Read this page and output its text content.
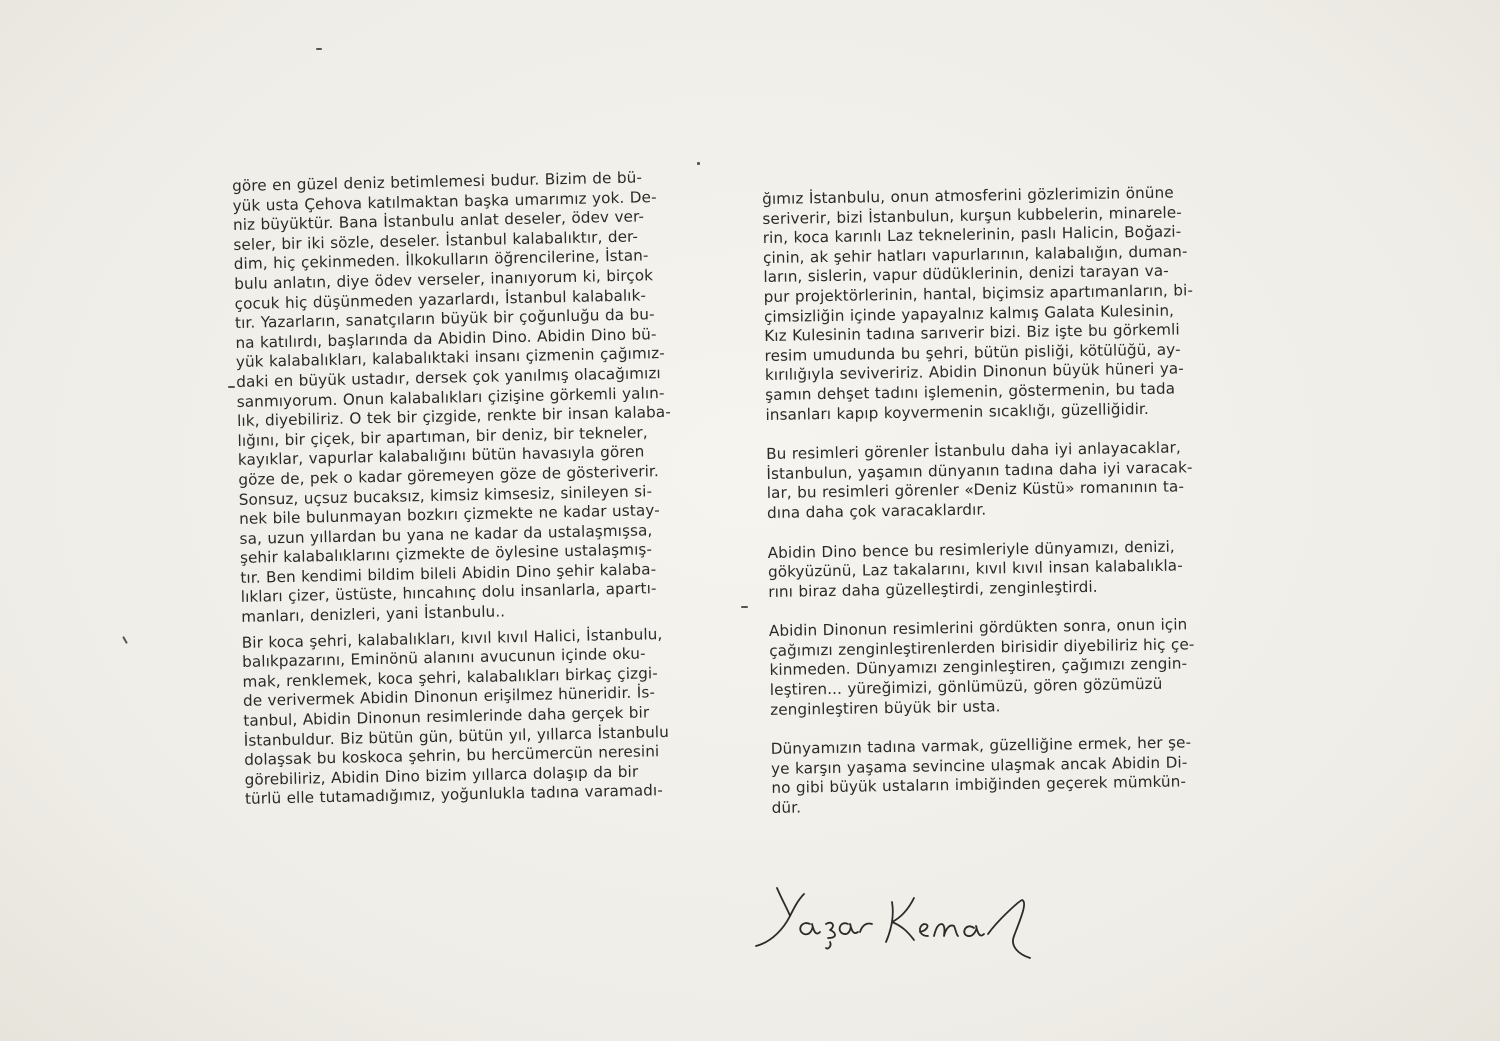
göre en güzel deniz betimlemesi budur. Bizim de bü-
yük usta Çehova katılmaktan başka umarımız yok. De-
niz büyüktür. Bana İstanbulu anlat deseler, ödev ver-
seler, bir iki sözle, deseler. İstanbul kalabalıktır, der-
dim, hiç çekinmeden. İlkokulların öğrencilerine, İstan-
bulu anlatın, diye ödev verseler, inanıyorum ki, birçok
çocuk hiç düşünmeden yazarlardı, İstanbul kalabalık-
tır. Yazarların, sanatçıların büyük bir çoğunluğu da bu-
na katılırdı, başlarında da Abidin Dino. Abidin Dino bü-
yük kalabalıkları, kalabalıktaki insanı çizmenin çağımız-
daki en büyük ustadır, dersek çok yanılmış olacağımızı
sanmıyorum. Onun kalabalıkları çizişine görkemli yalın-
lık, diyebiliriz. O tek bir çizgide, renkte bir insan kalaba-
lığını, bir çiçek, bir apartıman, bir deniz, bir tekneler,
kayıklar, vapurlar kalabalığını bütün havasıyla gören
göze de, pek o kadar göremeyen göze de gösteriverir.
Sonsuz, uçsuz bucaksız, kimsiz kimsesiz, sinileyen si-
nek bile bulunmayan bozkırı çizmekte ne kadar ustay-
sa, uzun yıllardan bu yana ne kadar da ustalaşmışsa,
şehir kalabalıklarını çizmekte de öylesine ustalaşmış-
tır. Ben kendimi bildim bileli Abidin Dino şehir kalaba-
lıkları çizer, üstüste, hıncahınç dolu insanlarla, apartı-
manları, denizleri, yani İstanbulu..
Bir koca şehri, kalabalıkları, kıvıl kıvıl Halici, İstanbulu,
balıkpazarını, Eminönü alanını avucunun içinde oku-
mak, renklemek, koca şehri, kalabalıkları birkaç çizgi-
de verivermek Abidin Dinonun erişilmez hüneridir. İs-
tanbul, Abidin Dinonun resimlerinde daha gerçek bir
İstanbuldur. Biz bütün gün, bütün yıl, yıllarca İstanbulu
dolaşsak bu koskoca şehrin, bu hercümercün neresini
görebiliriz, Abidin Dino bizim yıllarca dolaşıp da bir
türlü elle tutamadığımız, yoğunlukla tadına varamadı-
ğımız İstanbulu, onun atmosferini gözlerimizin önüne
seriverir, bizi İstanbulun, kurşun kubbelerin, minarele-
rin, koca karınlı Laz teknelerinin, paslı Halicin, Boğazi-
çinin, ak şehir hatları vapurlarının, kalabalığın, duman-
ların, sislerin, vapur düdüklerinin, denizi tarayan va-
pur projektörlerinin, hantal, biçimsiz apartımanların, bi-
çimsizliğin içinde yapayalnız kalmış Galata Kulesinin,
Kız Kulesinin tadına sarıverir bizi. Biz işte bu görkemli
resim umudunda bu şehri, bütün pisliği, kötülüğü, ay-
kırılığıyla seviveririz. Abidin Dinonun büyük hüneri ya-
şamın dehşet tadını işlemenin, göstermenin, bu tada
insanları kapıp koyvermenin sıcaklığı, güzelliğidir.
Bu resimleri görenler İstanbulu daha iyi anlayacaklar,
İstanbulun, yaşamın dünyanın tadına daha iyi varacak-
lar, bu resimleri görenler «Deniz Küstü» romanının ta-
dına daha çok varacaklardır.
Abidin Dino bence bu resimleriyle dünyamızı, denizi,
gökyüzünü, Laz takalarını, kıvıl kıvıl insan kalabalıkla-
rını biraz daha güzelleştirdi, zenginleştirdi.
Abidin Dinonun resimlerini gördükten sonra, onun için
çağımızı zenginleştirenlerden birisidir diyebiliriz hiç çe-
kinmeden. Dünyamızı zenginleştiren, çağımızı zengin-
leştiren... yüreğimizi, gönlümüzü, gören gözümüzü
zenginleştiren büyük bir usta.
Dünyamızın tadına varmak, güzelliğine ermek, her şe-
ye karşın yaşama sevincine ulaşmak ancak Abidin Di-
no gibi büyük ustaların imbiğinden geçerek mümkün-
dür.
